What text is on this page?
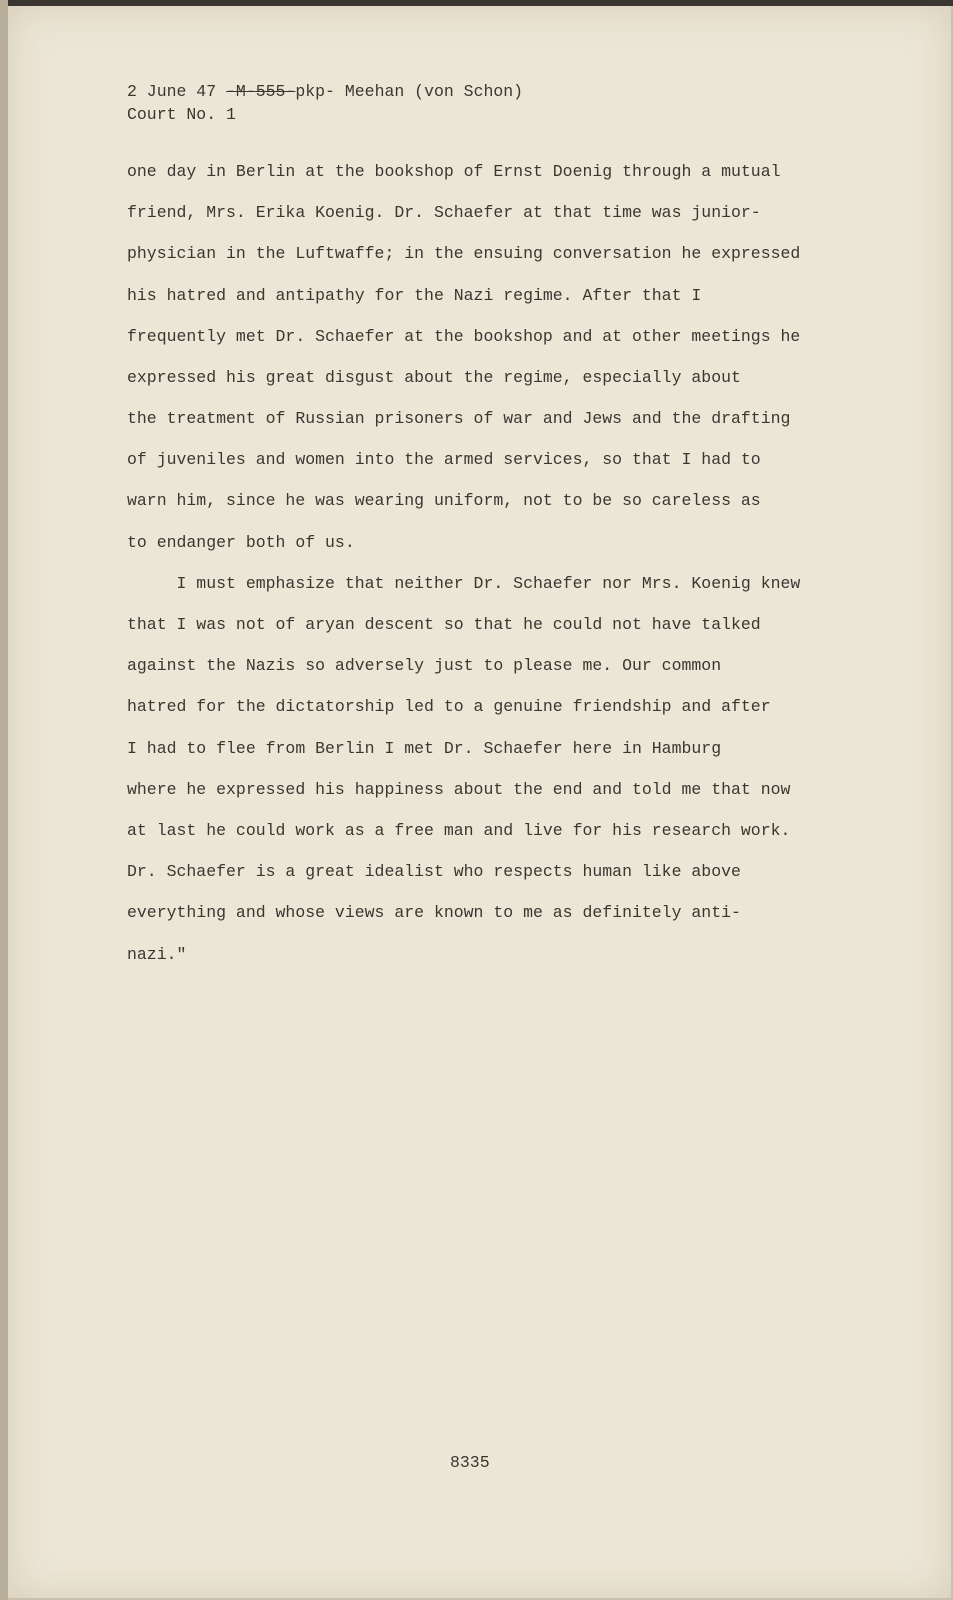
2 June 47 -M-555-pkp- Meehan (von Schon)
Court No. 1
one day in Berlin at the bookshop of Ernst Doenig through a mutual
friend, Mrs. Erika Koenig. Dr. Schaefer at that time was junior-
physician in the Luftwaffe; in the ensuing conversation he expressed
his hatred and antipathy for the Nazi regime. After that I
frequently met Dr. Schaefer at the bookshop and at other meetings he
expressed his great disgust about the regime, especially about
the treatment of Russian prisoners of war and Jews and the drafting
of juveniles and women into the armed services, so that I had to
warn him, since he was wearing uniform, not to be so careless as
to endanger both of us.
I must emphasize that neither Dr. Schaefer nor Mrs. Koenig knew
that I was not of aryan descent so that he could not have talked
against the Nazis so adversely just to please me. Our common
hatred for the dictatorship led to a genuine friendship and after
I had to flee from Berlin I met Dr. Schaefer here in Hamburg
where he expressed his happiness about the end and told me that now
at last he could work as a free man and live for his research work.
Dr. Schaefer is a great idealist who respects human like above
everything and whose views are known to me as definitely anti-
nazi."
8335
